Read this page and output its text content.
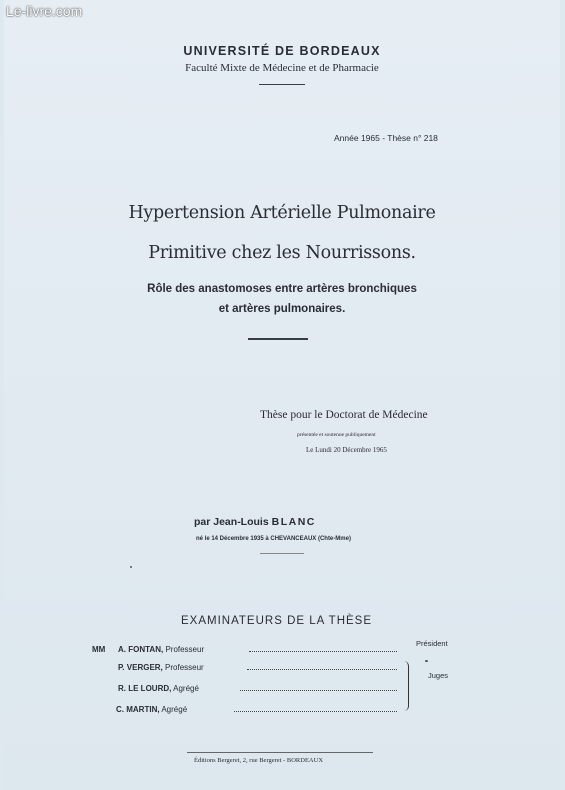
Le-livre.com
UNIVERSITÉ DE BORDEAUX
Faculté Mixte de Médecine et de Pharmacie
Année 1965 - Thèse n° 218
Hypertension Artérielle Pulmonaire
Primitive chez les Nourrissons.
Rôle des anastomoses entre artères bronchiques
et artères pulmonaires.
Thèse pour le Doctorat de Médecine
présentée et soutenue publiquement
Le Lundi 20 Décembre 1965
par Jean-Louis BLANC
né le 14 Décembre 1935 à CHEVANCEAUX (Chte-Mme)
EXAMINATEURS DE LA THÈSE
MM A. FONTAN, Professeur
P. VERGER, Professeur
R. LE LOURD, Agrégé
C. MARTIN, Agrégé
Président
Juges
Éditions Bergeret, 2, rue Bergeret - BORDEAUX
